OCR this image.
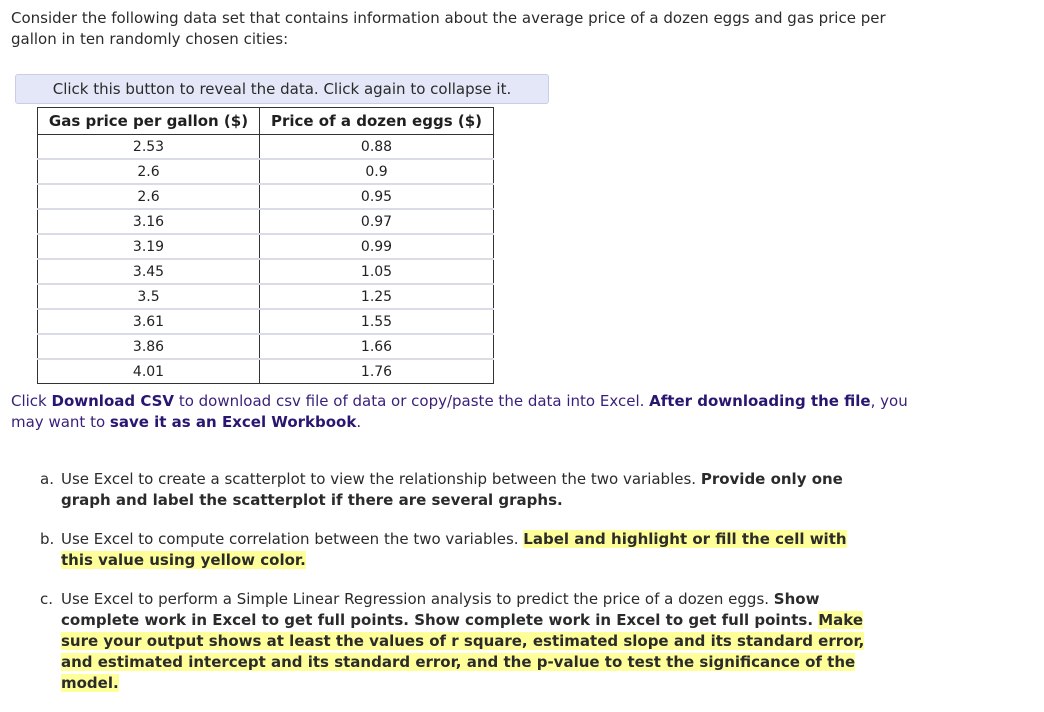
Consider the following data set that contains information about the average price of a dozen eggs and gas price per gallon in ten randomly chosen cities:

Click this button to reveal the data. Click again to collapse it.
Gas price per gallon ($)	Price of a dozen eggs ($)
2.53	0.88
2.6	0.9
2.6	0.95
3.16	0.97
3.19	0.99
3.45	1.05
3.5	1.25
3.61	1.55
3.86	1.66
4.01	1.76

Click Download CSV to download csv file of data or copy/paste the data into Excel. After downloading the file, you may want to save it as an Excel Workbook.

a. Use Excel to create a scatterplot to view the relationship between the two variables. Provide only one graph and label the scatterplot if there are several graphs.
b. Use Excel to compute correlation between the two variables. Label and highlight or fill the cell with this value using yellow color.
c. Use Excel to perform a Simple Linear Regression analysis to predict the price of a dozen eggs. Show complete work in Excel to get full points. Show complete work in Excel to get full points. Make sure your output shows at least the values of r square, estimated slope and its standard error, and estimated intercept and its standard error, and the p-value to test the significance of the model.
